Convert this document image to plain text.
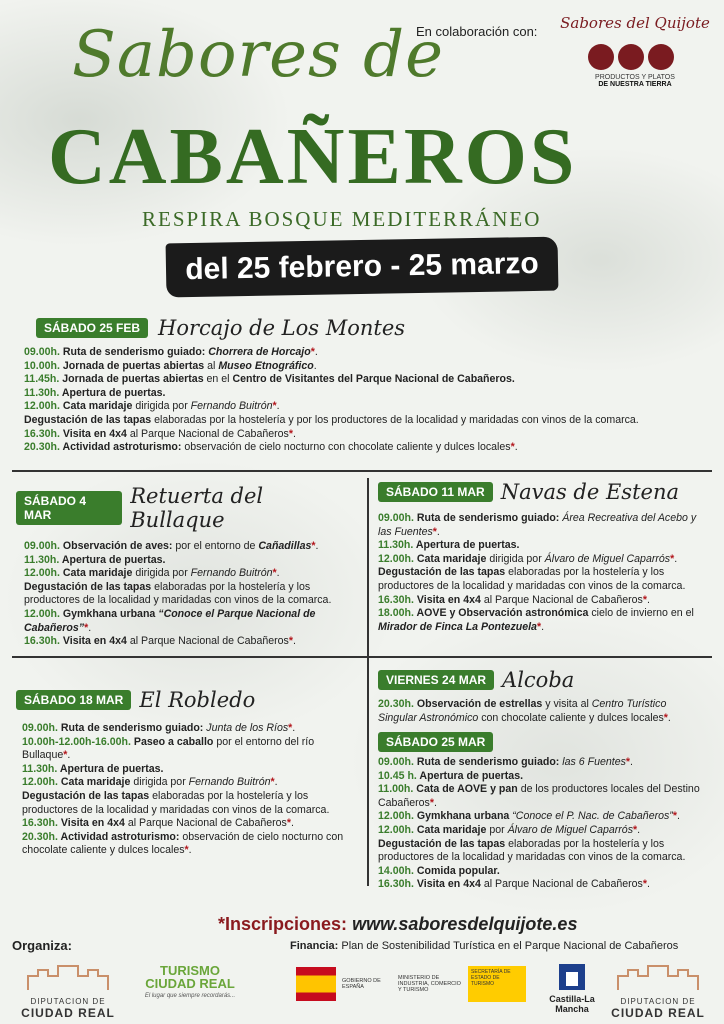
Sabores de
CABAÑEROS
RESPIRA BOSQUE MEDITERRÁNEO
del 25 febrero - 25 marzo
En colaboración con: Sabores del Quijote
PRODUCTOS Y PLATOS
DE NUESTRA TIERRA
SÁBADO 25 FEB Horcajo de Los Montes

09.00h. Ruta de senderismo guiado: Chorrera de Horcajo*.

10.00h. Jornada de puertas abiertas al Museo Etnográfico.

11.45h. Jornada de puertas abiertas en el Centro de Visitantes del Parque Nacional de Cabañeros.

11.30h. Apertura de puertas.

12.00h. Cata maridaje dirigida por Fernando Buitrón*.

Degustación de las tapas elaboradas por la hostelería y por los productores de la localidad y maridadas con vinos de la comarca.

16.30h. Visita en 4x4 al Parque Nacional de Cabañeros*.

20.30h. Actividad astroturismo: observación de cielo nocturno con chocolate caliente y dulces locales*.

SÁBADO 4 MAR
Retuerta del Bullaque

09.00h. Observación de aves: por el entorno de Cañadillas*.

11.30h. Apertura de puertas.

12.00h. Cata maridaje dirigida por Fernando Buitrón*.

Degustación de las tapas elaboradas por la hostelería y los productores de la localidad y maridadas con vinos de la comarca.

12.00h. Gymkhana urbana “Conoce el Parque Nacional de Cabañeros”*.

16.30h. Visita en 4x4 al Parque Nacional de Cabañeros*.

SÁBADO 11 MAR Navas de Estena

09.00h. Ruta de senderismo guiado: Área Recreativa del Acebo y las Fuentes*.

11.30h. Apertura de puertas.

12.00h. Cata maridaje dirigida por Álvaro de Miguel Caparrós*.

Degustación de las tapas elaboradas por la hostelería y los productores de la localidad y maridadas con vinos de la comarca.

16.30h. Visita en 4x4 al Parque Nacional de Cabañeros*.

18.00h. AOVE y Observación astronómica cielo de invierno en el Mirador de Finca La Pontezuela*.

SÁBADO 18 MAR El Robledo

09.00h. Ruta de senderismo guiado: Junta de los Ríos*.

10.00h-12.00h-16.00h. Paseo a caballo por el entorno del río Bullaque*.

11.30h. Apertura de puertas.

12.00h. Cata maridaje dirigida por Fernando Buitrón*.

Degustación de las tapas elaboradas por la hostelería y los productores de la localidad y maridadas con vinos de la comarca.

16.30h. Visita en 4x4 al Parque Nacional de Cabañeros*.

20.30h. Actividad astroturismo: observación de cielo nocturno con chocolate caliente y dulces locales*.

VIERNES 24 MAR Alcoba

20.30h. Observación de estrellas y visita al Centro Turístico Singular Astronómico con chocolate caliente y dulces locales*.

SÁBADO 25 MAR

09.00h. Ruta de senderismo guiado: las 6 Fuentes*.

10.45 h. Apertura de puertas.

11.00h. Cata de AOVE y pan de los productores locales del Destino Cabañeros*.

12.00h. Gymkhana urbana “Conoce el P. Nac. de Cabañeros”*.

12.00h. Cata maridaje por Álvaro de Miguel Caparrós*.

Degustación de las tapas elaboradas por la hostelería y los productores de la localidad y maridadas con vinos de la comarca.

14.00h. Comida popular.

16.30h. Visita en 4x4 al Parque Nacional de Cabañeros*.

*Inscripciones: www.saboresdelquijote.es
Organiza:	Financia: Plan de Sostenibilidad Turística en el Parque Nacional de Cabañeros
DIPUTACION DE
CIUDAD REAL
TURISMO CIUDAD REAL
El lugar que siempre recordarás...
GOBIERNO DE ESPAÑA
MINISTERIO DE INDUSTRIA, COMERCIO Y TURISMO
SECRETARÍA DE ESTADO DE TURISMO
Castilla-La Mancha
DIPUTACION DE
CIUDAD REAL
